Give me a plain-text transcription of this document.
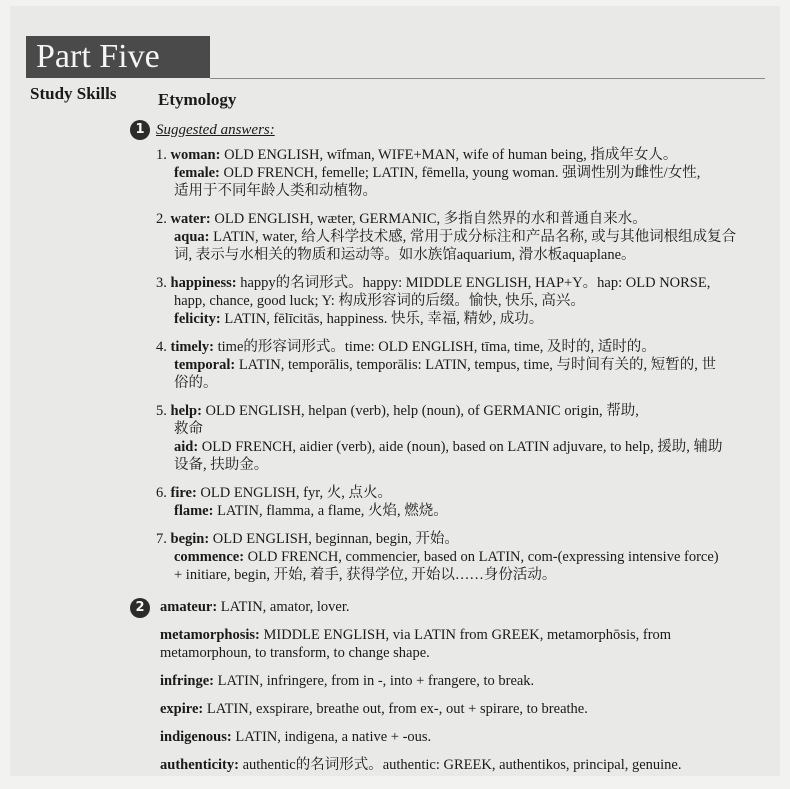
Part Five
Study Skills Etymology
1 Suggested answers:
1. woman: OLD ENGLISH, wīfman, WIFE+MAN, wife of human being, 指成年女人。
female: OLD FRENCH, femelle; LATIN, fēmella, young woman. 强调性别为雌性/女性,
适用于不同年龄人类和动植物。
2. water: OLD ENGLISH, wæter, GERMANIC, 多指自然界的水和普通自来水。
aqua: LATIN, water, 给人科学技术感, 常用于成分标注和产品名称, 或与其他词根组成复合
词, 表示与水相关的物质和运动等。如水族馆aquarium, 滑水板aquaplane。
3. happiness: happy的名词形式。happy: MIDDLE ENGLISH, HAP+Y。hap: OLD NORSE,
happ, chance, good luck; Y: 构成形容词的后缀。愉快, 快乐, 高兴。
felicity: LATIN, fēlīcitās, happiness. 快乐, 幸福, 精妙, 成功。
4. timely: time的形容词形式。time: OLD ENGLISH, tīma, time, 及时的, 适时的。
temporal: LATIN, temporālis, temporālis: LATIN, tempus, time, 与时间有关的, 短暂的, 世
俗的。
5. help: OLD ENGLISH, helpan (verb), help (noun), of GERMANIC origin, 帮助,
救命
aid: OLD FRENCH, aidier (verb), aide (noun), based on LATIN adjuvare, to help, 援助, 辅助
设备, 扶助金。
6. fire: OLD ENGLISH, fyr, 火, 点火。
flame: LATIN, flamma, a flame, 火焰, 燃烧。
7. begin: OLD ENGLISH, beginnan, begin, 开始。
commence: OLD FRENCH, commencier, based on LATIN, com-(expressing intensive force)
+ initiare, begin, 开始, 着手, 获得学位, 开始以……身份活动。
2	amateur: LATIN, amator, lover.
metamorphosis: MIDDLE ENGLISH, via LATIN from GREEK, metamorphōsis, from
metamorphoun, to transform, to change shape.
infringe: LATIN, infringere, from in -, into + frangere, to break.
expire: LATIN, exspirare, breathe out, from ex-, out + spirare, to breathe.
indigenous: LATIN, indigena, a native + -ous.
authenticity: authentic的名词形式。authentic: GREEK, authentikos, principal, genuine.
